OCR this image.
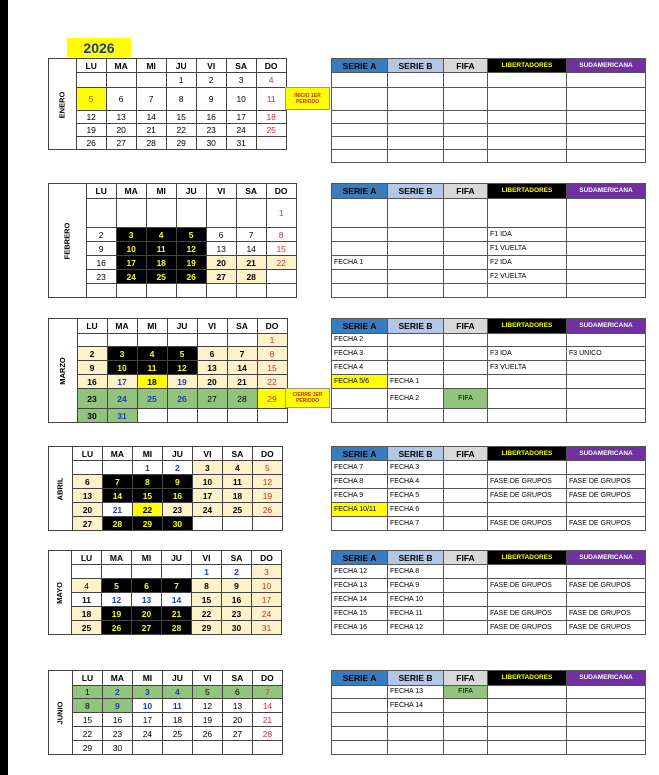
2026
ENERO	LU	MA	MI	JU	VI	SA	DO
				1	2	3	4
	5	6	7	8	9	10	11
	12	13	14	15	16	17	18
	19	20	21	22	23	24	25
	26	27	28	29	30	31	
INICIO 1ER PERIODO
SERIE A	SERIE B	FIFA	LIBERTADORES	SUDAMERICANA

FEBRERO	LU	MA	MI	JU	VI	SA	DO
							1
	2	3	4	5	6	7	8
	9	10	11	12	13	14	15
	16	17	18	19	20	21	22
	23	24	25	26	27	28	

SERIE A	SERIE B	FIFA	LIBERTADORES	SUDAMERICANA

			F1 IDA	
			F1 VUELTA	
FECHA 1			F2 IDA	
			F2 VUELTA	

MARZO	LU	MA	MI	JU	VI	SA	DO
							1
	2	3	4	5	6	7	8
	9	10	11	12	13	14	15
	16	17	18	19	20	21	22
	23	24	25	26	27	28	29
	30	31					
CIERRE 1ER PERIODO
SERIE A	SERIE B	FIFA	LIBERTADORES	SUDAMERICANA
FECHA 2				
FECHA 3			F3 IDA	F3 UNICO
FECHA 4			F3 VUELTA	
FECHA 5/6	FECHA 1			
	FECHA 2	FIFA		

ABRIL	LU	MA	MI	JU	VI	SA	DO
			1	2	3	4	5
	6	7	8	9	10	11	12
	13	14	15	16	17	18	19
	20	21	22	23	24	25	26
	27	28	29	30			
SERIE A	SERIE B	FIFA	LIBERTADORES	SUDAMERICANA
FECHA 7	FECHA 3			
FECHA 8	FECHA 4		FASE DE GRUPOS	FASE DE GRUPOS
FECHA 9	FECHA 5		FASE DE GRUPOS	FASE DE GRUPOS
FECHA 10/11	FECHA 6			
	FECHA 7		FASE DE GRUPOS	FASE DE GRUPOS
MAYO	LU	MA	MI	JU	VI	SA	DO
					1	2	3
	4	5	6	7	8	9	10
	11	12	13	14	15	16	17
	18	19	20	21	22	23	24
	25	26	27	28	29	30	31
SERIE A	SERIE B	FIFA	LIBERTADORES	SUDAMERICANA
FECHA 12	FECHA 8			
FECHA 13	FECHA 9		FASE DE GRUPOS	FASE DE GRUPOS
FECHA 14	FECHA 10			
FECHA 15	FECHA 11		FASE DE GRUPOS	FASE DE GRUPOS
FECHA 16	FECHA 12		FASE DE GRUPOS	FASE DE GRUPOS
JUNIO	LU	MA	MI	JU	VI	SA	DO
	1	2	3	4	5	6	7
	8	9	10	11	12	13	14
	15	16	17	18	19	20	21
	22	23	24	25	26	27	28
	29	30					
SERIE A	SERIE B	FIFA	LIBERTADORES	SUDAMERICANA
	FECHA 13	FIFA		
	FECHA 14			
